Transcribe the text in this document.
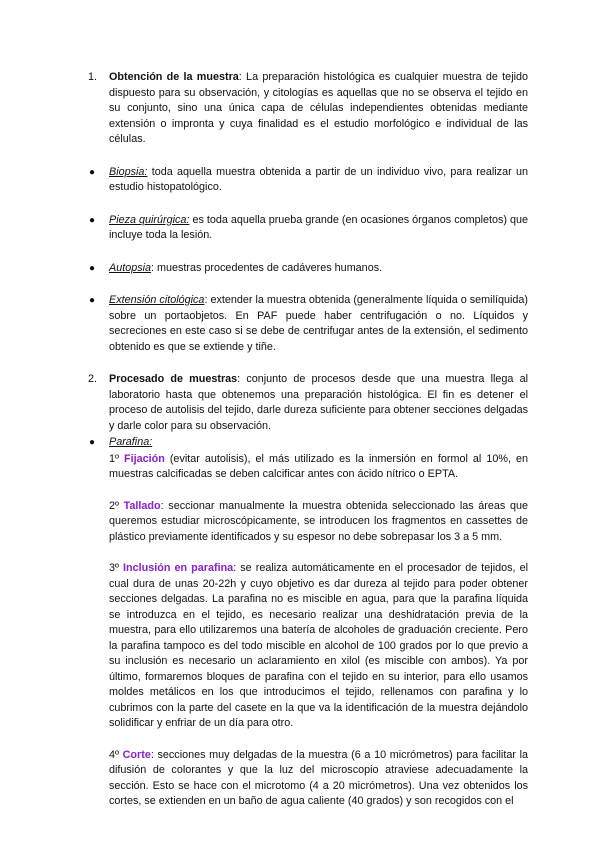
1. Obtención de la muestra: La preparación histológica es cualquier muestra de tejido dispuesto para su observación, y citologías es aquellas que no se observa el tejido en su conjunto, sino una única capa de células independientes obtenidas mediante extensión o impronta y cuya finalidad es el estudio morfológico e individual de las células.
● Biopsia: toda aquella muestra obtenida a partir de un individuo vivo, para realizar un estudio histopatológico.
● Pieza quirúrgica: es toda aquella prueba grande (en ocasiones órganos completos) que incluye toda la lesión.
● Autopsia: muestras procedentes de cadáveres humanos.
● Extensión citológica: extender la muestra obtenida (generalmente líquida o semilíquida) sobre un portaobjetos. En PAF puede haber centrifugación o no. Líquidos y secreciones en este caso si se debe de centrifugar antes de la extensión, el sedimento obtenido es que se extiende y tiñe.
2. Procesado de muestras: conjunto de procesos desde que una muestra llega al laboratorio hasta que obtenemos una preparación histológica. El fin es detener el proceso de autolisis del tejido, darle dureza suficiente para obtener secciones delgadas y darle color para su observación.
● Parafina:
1º Fijación (evitar autolisis), el más utilizado es la inmersión en formol al 10%, en muestras calcificadas se deben calcificar antes con ácido nítrico o EPTA.
2º Tallado: seccionar manualmente la muestra obtenida seleccionado las áreas que queremos estudiar microscópicamente, se introducen los fragmentos en cassettes de plástico previamente identificados y su espesor no debe sobrepasar los 3 a 5 mm.
3º Inclusión en parafina: se realiza automáticamente en el procesador de tejidos, el cual dura de unas 20-22h y cuyo objetivo es dar dureza al tejido para poder obtener secciones delgadas. La parafina no es miscible en agua, para que la parafina líquida se introduzca en el tejido, es necesario realizar una deshidratación previa de la muestra, para ello utilizaremos una batería de alcoholes de graduación creciente. Pero la parafina tampoco es del todo miscible en alcohol de 100 grados por lo que previo a su inclusión es necesario un aclaramiento en xilol (es miscible con ambos). Ya por último, formaremos bloques de parafina con el tejido en su interior, para ello usamos moldes metálicos en los que introducimos el tejido, rellenamos con parafina y lo cubrimos con la parte del casete en la que va la identificación de la muestra dejándolo solidificar y enfriar de un día para otro.
4º Corte: secciones muy delgadas de la muestra (6 a 10 micrómetros) para facilitar la difusión de colorantes y que la luz del microscopio atraviese adecuadamente la sección. Esto se hace con el microtomo (4 a 20 micrómetros). Una vez obtenidos los cortes, se extienden en un baño de agua caliente (40 grados) y son recogidos con el
